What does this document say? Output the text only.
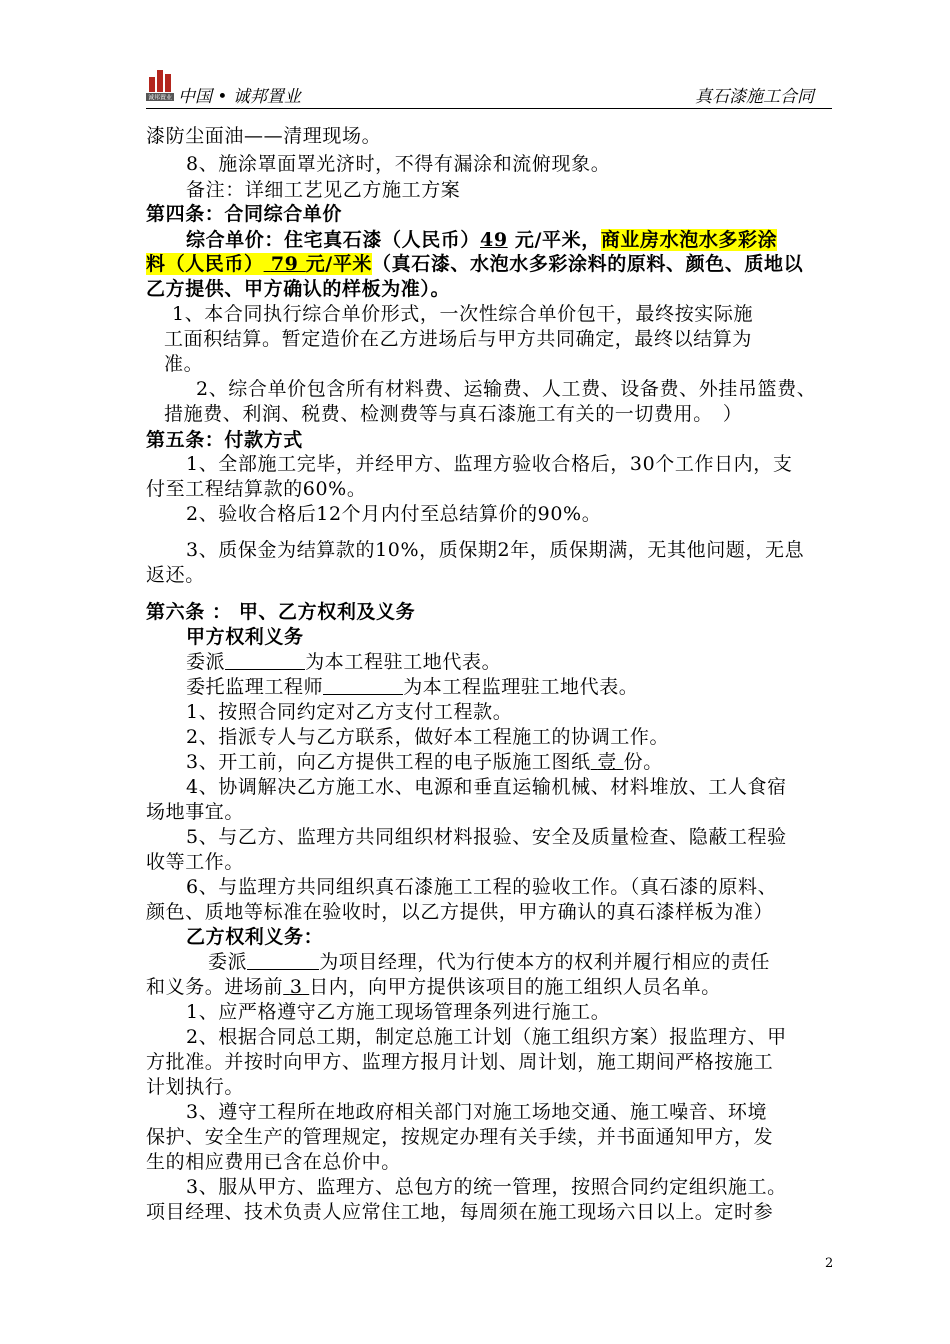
诚邦置业 中国 • 诚邦置业	真石漆施工合同
漆防尘面油——清理现场。
8、施涂罩面罩光济时，不得有漏涂和流俯现象。
备注：详细工艺见乙方施工方案
第四条：合同综合单价
综合单价：住宅真石漆（人民币）49 元/平米，商业房水泡水多彩涂
料（人民币） 79 元/平米（真石漆、水泡水多彩涂料的原料、颜色、质地以
乙方提供、甲方确认的样板为准）。
1、本合同执行综合单价形式，一次性综合单价包干，最终按实际施
工面积结算。暂定造价在乙方进场后与甲方共同确定，最终以结算为
准。
2、综合单价包含所有材料费、运输费、人工费、设备费、外挂吊篮费、
措施费、利润、税费、检测费等与真石漆施工有关的一切费用。　）
第五条：付款方式
1、全部施工完毕，并经甲方、监理方验收合格后，30个工作日内，支
付至工程结算款的60%。
2、验收合格后12个月内付至总结算价的90%。
3、质保金为结算款的10%，质保期2年，质保期满，无其他问题，无息
返还。
第六条 ： 甲、乙方权利及义务
甲方权利义务
委派	为本工程驻工地代表。
委托监理工程师	为本工程监理驻工地代表。
1、按照合同约定对乙方支付工程款。
2、指派专人与乙方联系，做好本工程施工的协调工作。
3、开工前，向乙方提供工程的电子版施工图纸 壹 份。
4、协调解决乙方施工水、电源和垂直运输机械、材料堆放、工人食宿
场地事宜。
5、与乙方、监理方共同组织材料报验、安全及质量检查、隐蔽工程验
收等工作。
6、与监理方共同组织真石漆施工工程的验收工作。（真石漆的原料、
颜色、质地等标准在验收时，以乙方提供，甲方确认的真石漆样板为准）
乙方权利义务：
委派	为项目经理，代为行使本方的权利并履行相应的责任
和义务。进场前 3 日内，向甲方提供该项目的施工组织人员名单。
1、应严格遵守乙方施工现场管理条列进行施工。
2、根据合同总工期，制定总施工计划（施工组织方案）报监理方、甲
方批准。并按时向甲方、监理方报月计划、周计划，施工期间严格按施工
计划执行。
3、遵守工程所在地政府相关部门对施工场地交通、施工噪音、环境
保护、安全生产的管理规定，按规定办理有关手续，并书面通知甲方，发
生的相应费用已含在总价中。
3、服从甲方、监理方、总包方的统一管理，按照合同约定组织施工。
项目经理、技术负责人应常住工地，每周须在施工现场六日以上。定时参
2
